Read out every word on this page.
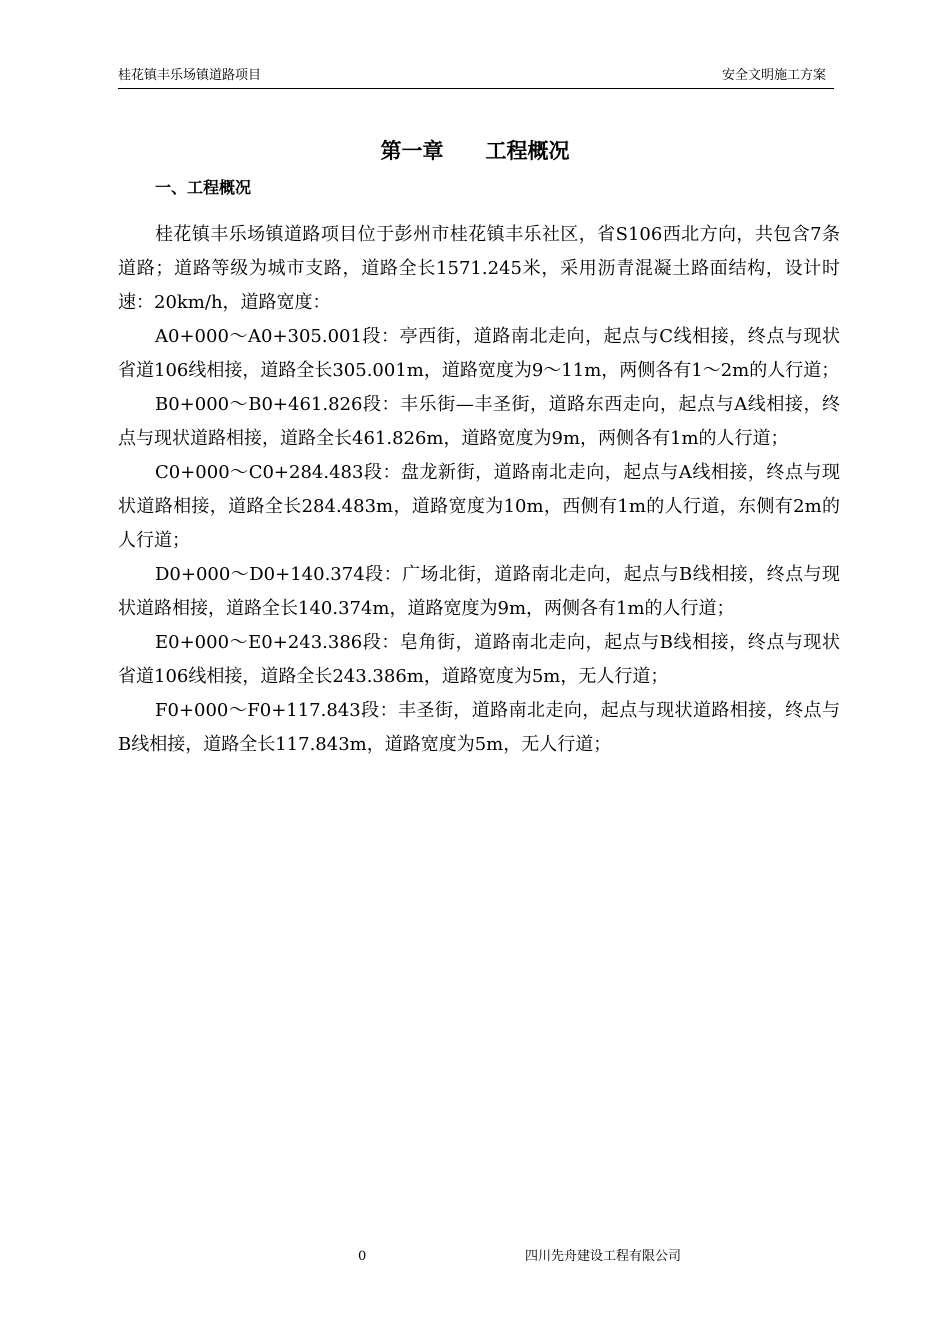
桂花镇丰乐场镇道路项目	安全文明施工方案
第一章　　工程概况
一、工程概况

桂花镇丰乐场镇道路项目位于彭州市桂花镇丰乐社区，省S106西北方向，共包含7条道路；道路等级为城市支路，道路全长1571.245米，采用沥青混凝土路面结构，设计时速：20km/h，道路宽度：

A0+000～A0+305.001段：亭西街，道路南北走向，起点与C线相接，终点与现状省道106线相接，道路全长305.001m，道路宽度为9～11m，两侧各有1～2m的人行道；

B0+000～B0+461.826段：丰乐街—丰圣街，道路东西走向，起点与A线相接，终点与现状道路相接，道路全长461.826m，道路宽度为9m，两侧各有1m的人行道；

C0+000～C0+284.483段：盘龙新街，道路南北走向，起点与A线相接，终点与现状道路相接，道路全长284.483m，道路宽度为10m，西侧有1m的人行道，东侧有2m的人行道；

D0+000～D0+140.374段：广场北街，道路南北走向，起点与B线相接，终点与现状道路相接，道路全长140.374m，道路宽度为9m，两侧各有1m的人行道；

E0+000～E0+243.386段：皂角街，道路南北走向，起点与B线相接，终点与现状省道106线相接，道路全长243.386m，道路宽度为5m，无人行道；

F0+000～F0+117.843段：丰圣街，道路南北走向，起点与现状道路相接，终点与B线相接，道路全长117.843m，道路宽度为5m，无人行道；

0	四川先舟建设工程有限公司
